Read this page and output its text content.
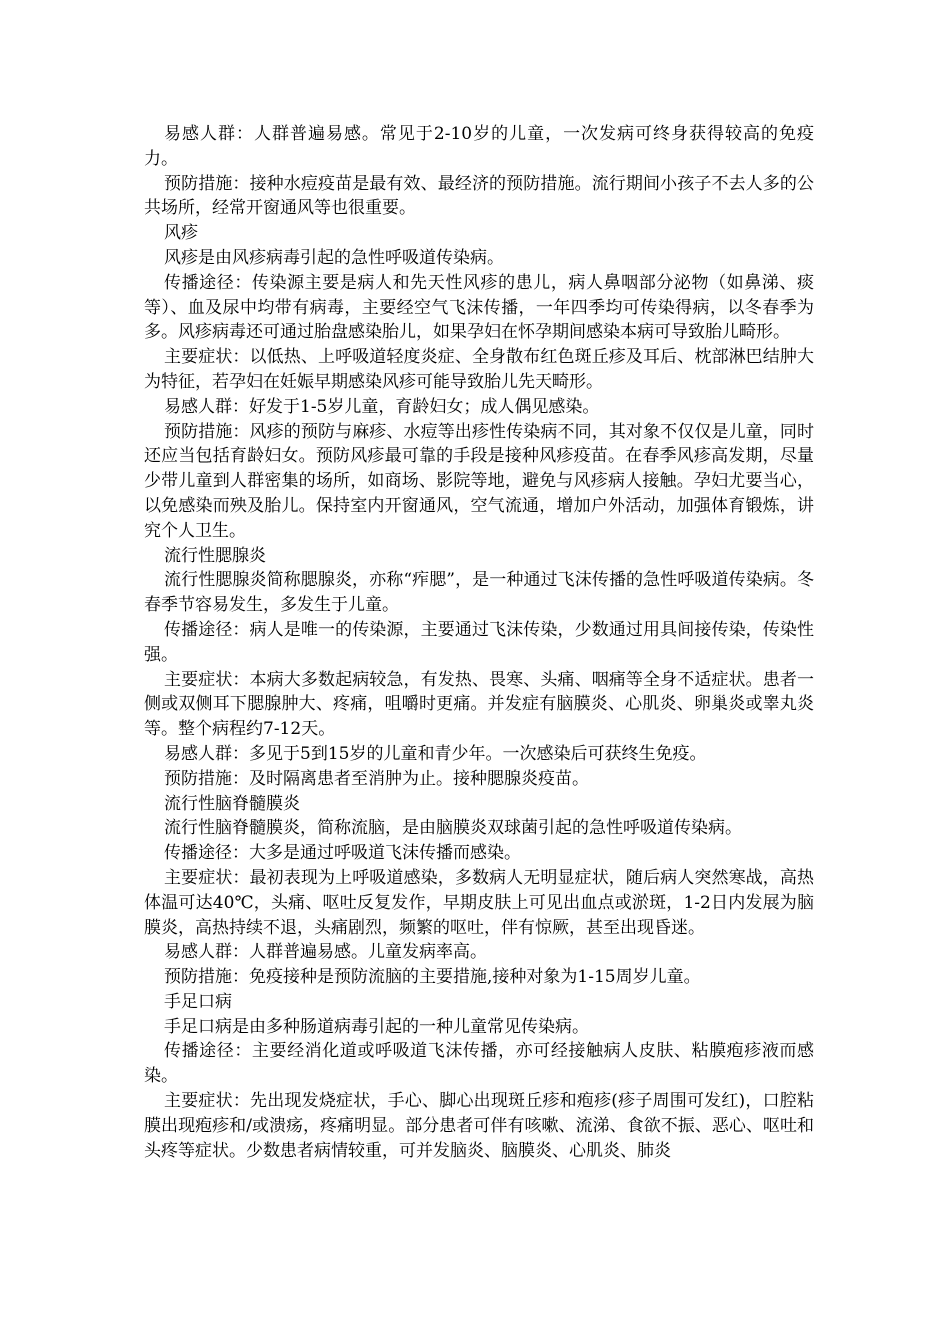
易感人群：人群普遍易感。常见于2-10岁的儿童，一次发病可终身获得较高的免疫力。

预防措施：接种水痘疫苗是最有效、最经济的预防措施。流行期间小孩子不去人多的公共场所，经常开窗通风等也很重要。

风疹

风疹是由风疹病毒引起的急性呼吸道传染病。

传播途径：传染源主要是病人和先天性风疹的患儿，病人鼻咽部分泌物（如鼻涕、痰等）、血及尿中均带有病毒，主要经空气飞沫传播，一年四季均可传染得病，以冬春季为多。风疹病毒还可通过胎盘感染胎儿，如果孕妇在怀孕期间感染本病可导致胎儿畸形。

主要症状：以低热、上呼吸道轻度炎症、全身散布红色斑丘疹及耳后、枕部淋巴结肿大为特征，若孕妇在妊娠早期感染风疹可能导致胎儿先天畸形。

易感人群：好发于1-5岁儿童，育龄妇女；成人偶见感染。

预防措施：风疹的预防与麻疹、水痘等出疹性传染病不同，其对象不仅仅是儿童，同时还应当包括育龄妇女。预防风疹最可靠的手段是接种风疹疫苗。在春季风疹高发期，尽量少带儿童到人群密集的场所，如商场、影院等地，避免与风疹病人接触。孕妇尤要当心，以免感染而殃及胎儿。保持室内开窗通风，空气流通，增加户外活动，加强体育锻炼，讲究个人卫生。

流行性腮腺炎

流行性腮腺炎简称腮腺炎，亦称“痄腮”，是一种通过飞沫传播的急性呼吸道传染病。冬春季节容易发生，多发生于儿童。

传播途径：病人是唯一的传染源，主要通过飞沫传染，少数通过用具间接传染，传染性强。

主要症状：本病大多数起病较急，有发热、畏寒、头痛、咽痛等全身不适症状。患者一侧或双侧耳下腮腺肿大、疼痛，咀嚼时更痛。并发症有脑膜炎、心肌炎、卵巢炎或睾丸炎等。整个病程约7-12天。

易感人群：多见于5到15岁的儿童和青少年。一次感染后可获终生免疫。

预防措施：及时隔离患者至消肿为止。接种腮腺炎疫苗。

流行性脑脊髓膜炎

流行性脑脊髓膜炎，简称流脑，是由脑膜炎双球菌引起的急性呼吸道传染病。

传播途径：大多是通过呼吸道飞沫传播而感染。

主要症状：最初表现为上呼吸道感染，多数病人无明显症状，随后病人突然寒战，高热体温可达40℃，头痛、呕吐反复发作，早期皮肤上可见出血点或淤斑，1-2日内发展为脑膜炎，高热持续不退，头痛剧烈，频繁的呕吐，伴有惊厥，甚至出现昏迷。

易感人群：人群普遍易感。儿童发病率高。

预防措施：免疫接种是预防流脑的主要措施,接种对象为1-15周岁儿童。

手足口病

手足口病是由多种肠道病毒引起的一种儿童常见传染病。

传播途径：主要经消化道或呼吸道飞沫传播，亦可经接触病人皮肤、粘膜疱疹液而感染。

主要症状：先出现发烧症状，手心、脚心出现斑丘疹和疱疹(疹子周围可发红)，口腔粘膜出现疱疹和/或溃疡，疼痛明显。部分患者可伴有咳嗽、流涕、食欲不振、恶心、呕吐和头疼等症状。少数患者病情较重，可并发脑炎、脑膜炎、心肌炎、肺炎
